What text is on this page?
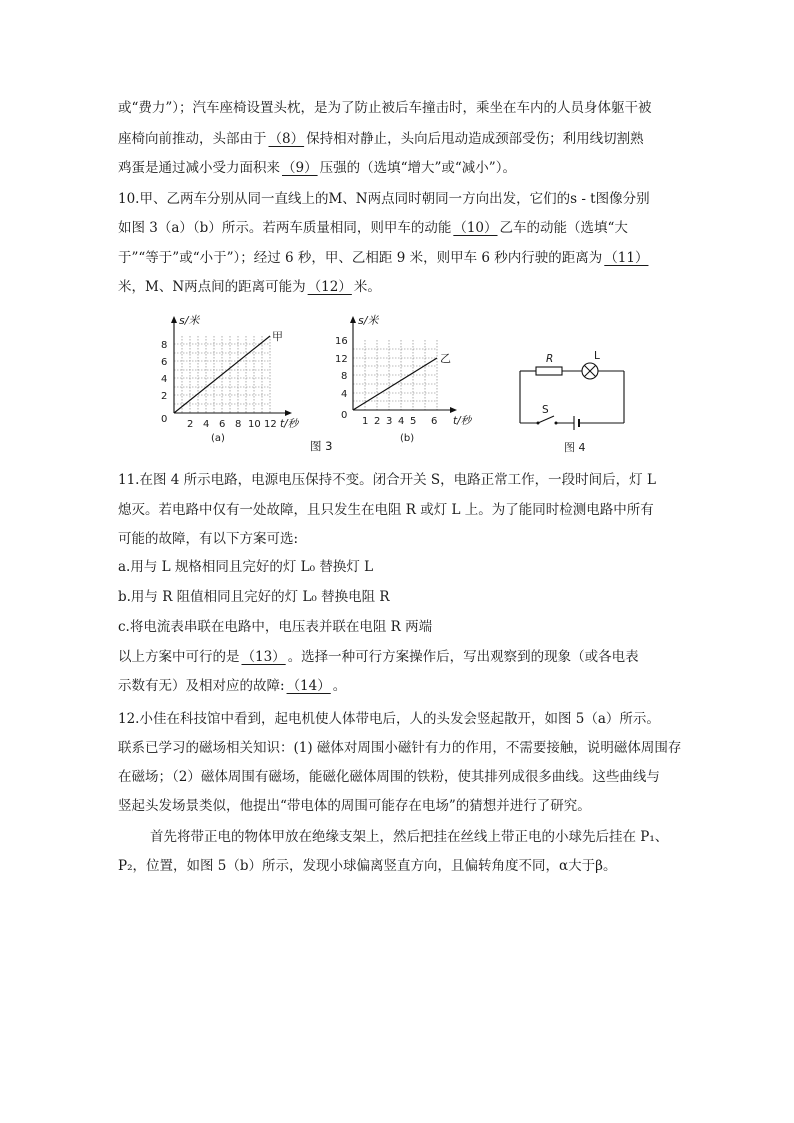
或“费力”）；汽车座椅设置头枕，是为了防止被后车撞击时，乘坐在车内的人员身体躯干被
座椅向前推动，头部由于 （8） 保持相对静止，头向后甩动造成颈部受伤；利用线切割熟
鸡蛋是通过减小受力面积来 （9） 压强的（选填“增大”或“减小”）。
10.甲、乙两车分别从同一直线上的M、N两点同时朝同一方向出发，它们的s - t图像分别
如图 3（a）（b）所示。若两车质量相同，则甲车的动能 （10） 乙车的动能（选填“大
于”“等于”或“小于”）；经过 6 秒，甲、乙相距 9 米，则甲车 6 秒内行驶的距离为 （11）
米，M、N两点间的距离可能为 （12） 米。
s/米
甲
8
6
4
2
0 2 4 6 8 10 12 t/秒
(a)
s/米
乙
16
12
8
4
0
1 2 3 4 5 6 t/秒
(b)
图 3
R	L
S
图 4
11.在图 4 所示电路，电源电压保持不变。闭合开关 S，电路正常工作，一段时间后，灯 L
熄灭。若电路中仅有一处故障，且只发生在电阻 R 或灯 L 上。为了能同时检测电路中所有
可能的故障，有以下方案可选:
a.用与 L 规格相同且完好的灯 L₀ 替换灯 L
b.用与 R 阻值相同且完好的灯 L₀ 替换电阻 R
c.将电流表串联在电路中，电压表并联在电阻 R 两端
以上方案中可行的是 （13） 。选择一种可行方案操作后，写出观察到的现象（或各电表
示数有无）及相对应的故障: （14） 。
12.小佳在科技馆中看到，起电机使人体带电后，人的头发会竖起散开，如图 5（a）所示。
联系已学习的磁场相关知识：(1) 磁体对周围小磁针有力的作用，不需要接触，说明磁体周围存
在磁场；（2）磁体周围有磁场，能磁化磁体周围的铁粉，使其排列成很多曲线。这些曲线与
竖起头发场景类似，他提出“带电体的周围可能存在电场”的猜想并进行了研究。
首先将带正电的物体甲放在绝缘支架上，然后把挂在丝线上带正电的小球先后挂在 P₁、
P₂，位置，如图 5（b）所示，发现小球偏离竖直方向，且偏转角度不同，α大于β。
